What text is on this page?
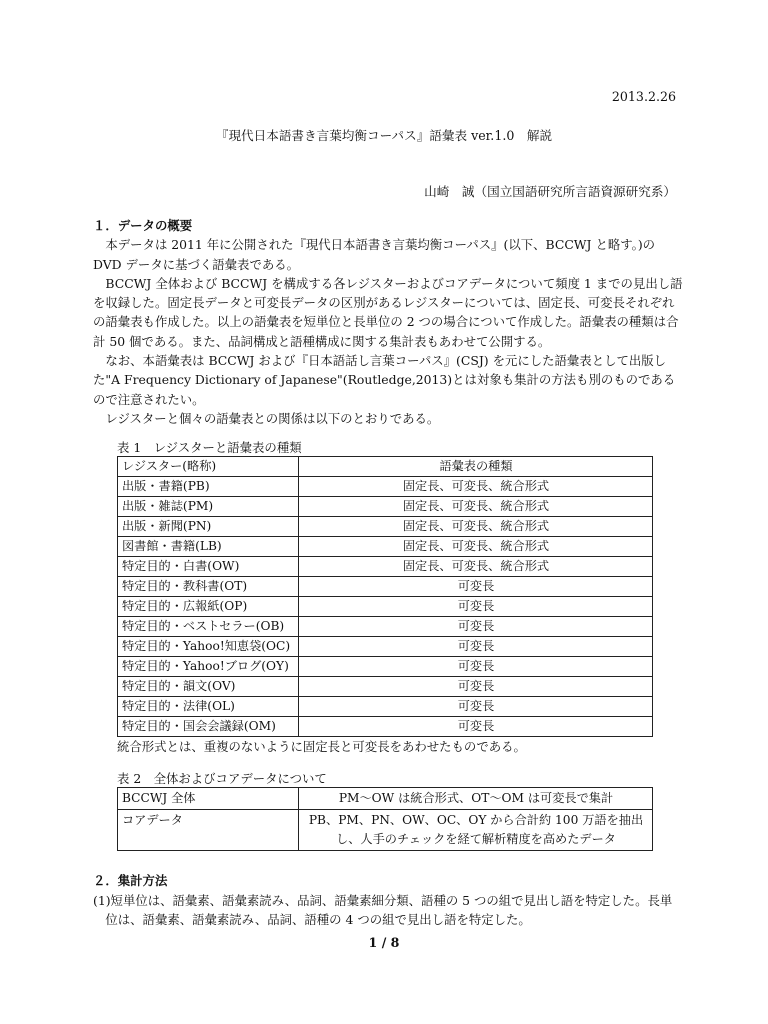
2013.2.26
『現代日本語書き言葉均衡コーパス』語彙表 ver.1.0　解説
山崎　誠（国立国語研究所言語資源研究系）

１．データの概要

本データは 2011 年に公開された『現代日本語書き言葉均衡コーパス』(以下、BCCWJ と略す。)の DVD データに基づく語彙表である。

BCCWJ 全体および BCCWJ を構成する各レジスターおよびコアデータについて頻度 1 までの見出し語を収録した。固定長データと可変長データの区別があるレジスターについては、固定長、可変長それぞれの語彙表も作成した。以上の語彙表を短単位と長単位の 2 つの場合について作成した。語彙表の種類は合計 50 個である。また、品詞構成と語種構成に関する集計表もあわせて公開する。

なお、本語彙表は BCCWJ および『日本語話し言葉コーパス』(CSJ) を元にした語彙表として出版した"A Frequency Dictionary of Japanese"(Routledge,2013)とは対象も集計の方法も別のものであるので注意されたい。

レジスターと個々の語彙表との関係は以下のとおりである。

表 1　レジスターと語彙表の種類
レジスター(略称)	語彙表の種類
出版・書籍(PB)	固定長、可変長、統合形式
出版・雑誌(PM)	固定長、可変長、統合形式
出版・新聞(PN)	固定長、可変長、統合形式
図書館・書籍(LB)	固定長、可変長、統合形式
特定目的・白書(OW)	固定長、可変長、統合形式
特定目的・教科書(OT)	可変長
特定目的・広報紙(OP)	可変長
特定目的・ベストセラー(OB)	可変長
特定目的・Yahoo!知恵袋(OC)	可変長
特定目的・Yahoo!ブログ(OY)	可変長
特定目的・韻文(OV)	可変長
特定目的・法律(OL)	可変長
特定目的・国会会議録(OM)	可変長
統合形式とは、重複のないように固定長と可変長をあわせたものである。
表 2　全体およびコアデータについて
BCCWJ 全体	PM～OW は統合形式、OT～OM は可変長で集計
コアデータ	PB、PM、PN、OW、OC、OY から合計約 100 万語を抽出し、人手のチェックを経て解析精度を高めたデータ

２．集計方法

(1)短単位は、語彙素、語彙素読み、品詞、語彙素細分類、語種の 5 つの組で見出し語を特定した。長単位は、語彙素、語彙素読み、品詞、語種の 4 つの組で見出し語を特定した。

1 / 8
